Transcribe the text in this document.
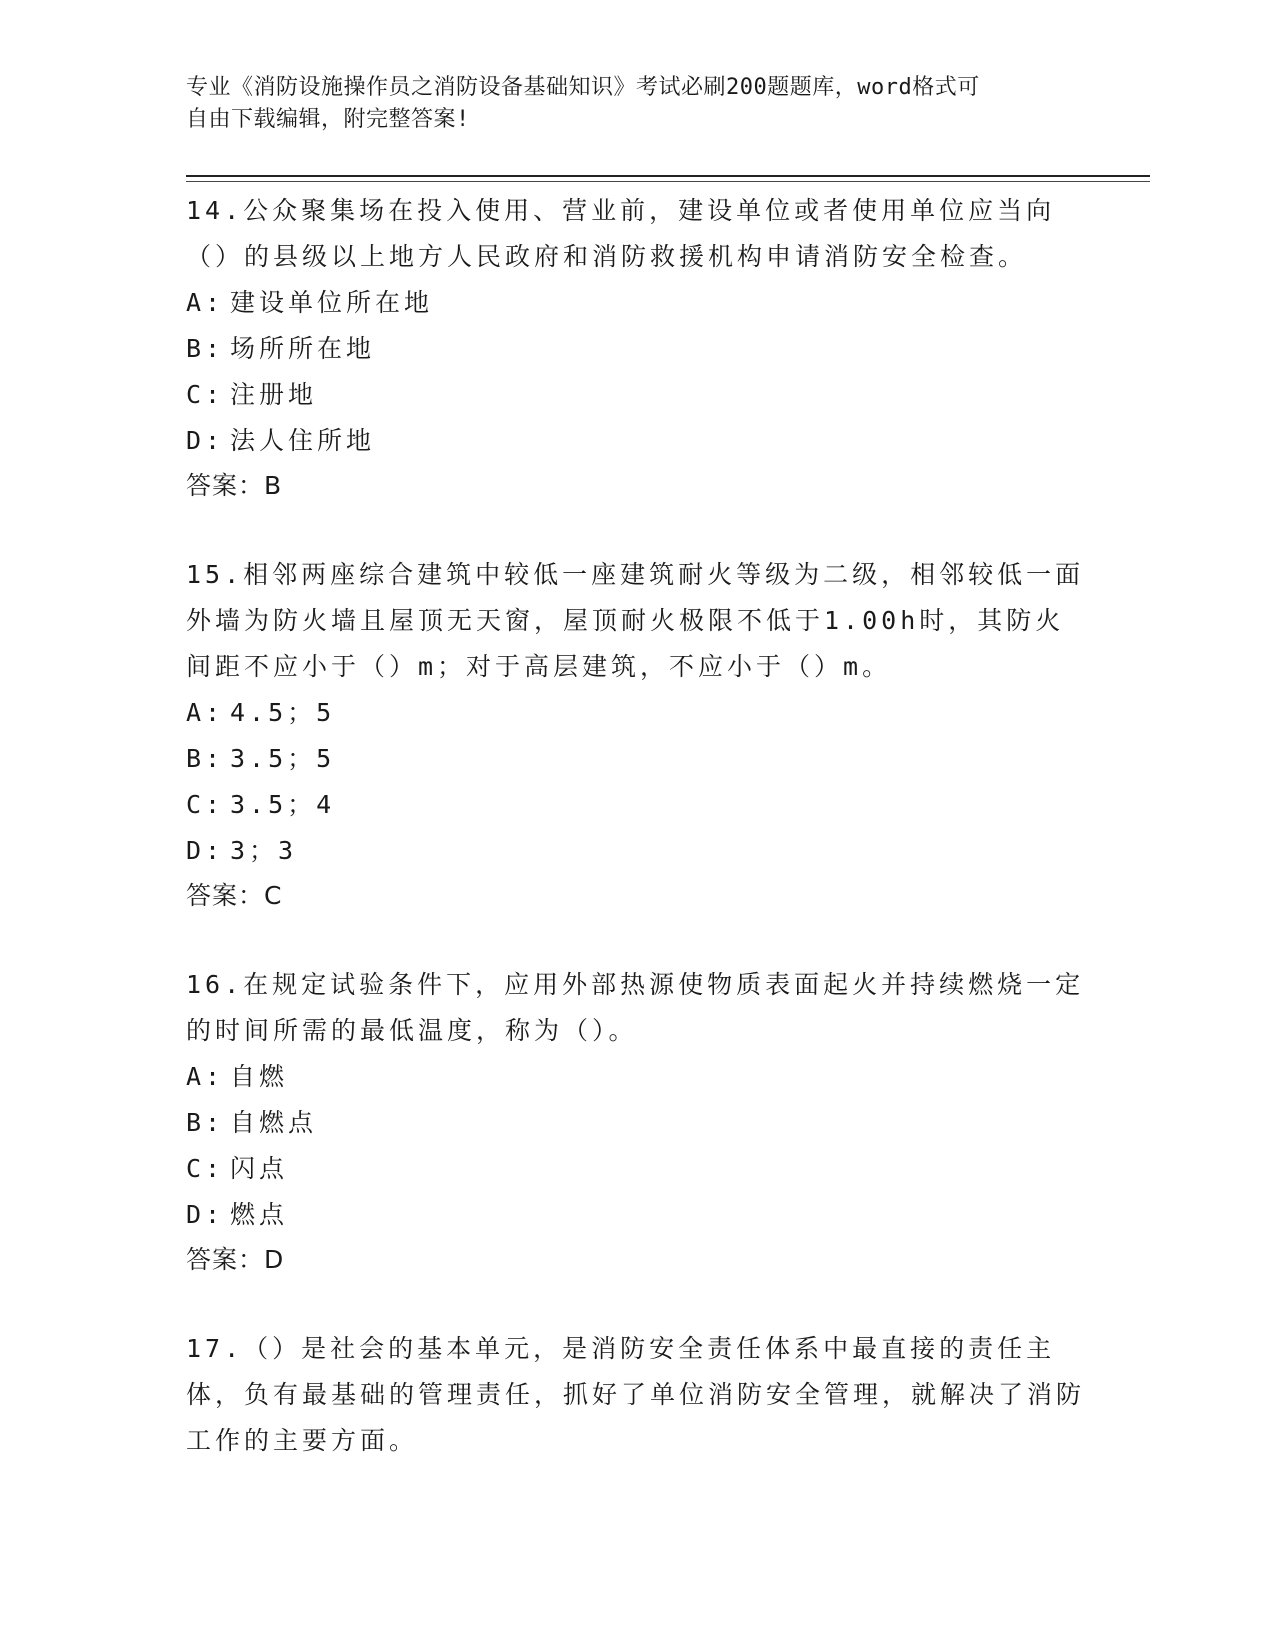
专业《消防设施操作员之消防设备基础知识》考试必刷200题题库，word格式可
自由下载编辑，附完整答案!
14.公众聚集场在投入使用、营业前，建设单位或者使用单位应当向（）的县级以上地方人民政府和消防救援机构申请消防安全检查。
A: 建设单位所在地
B: 场所所在地
C: 注册地
D: 法人住所地
答案：B
15.相邻两座综合建筑中较低一座建筑耐火等级为二级，相邻较低一面外墙为防火墙且屋顶无天窗，屋顶耐火极限不低于1.00h时，其防火间距不应小于（）m；对于高层建筑，不应小于（）m。
A: 4.5；5
B: 3.5；5
C: 3.5；4
D: 3；3
答案：C
16.在规定试验条件下，应用外部热源使物质表面起火并持续燃烧一定的时间所需的最低温度，称为（）。
A: 自燃
B: 自燃点
C: 闪点
D: 燃点
答案：D
17.（）是社会的基本单元，是消防安全责任体系中最直接的责任主体，负有最基础的管理责任，抓好了单位消防安全管理，就解决了消防工作的主要方面。
